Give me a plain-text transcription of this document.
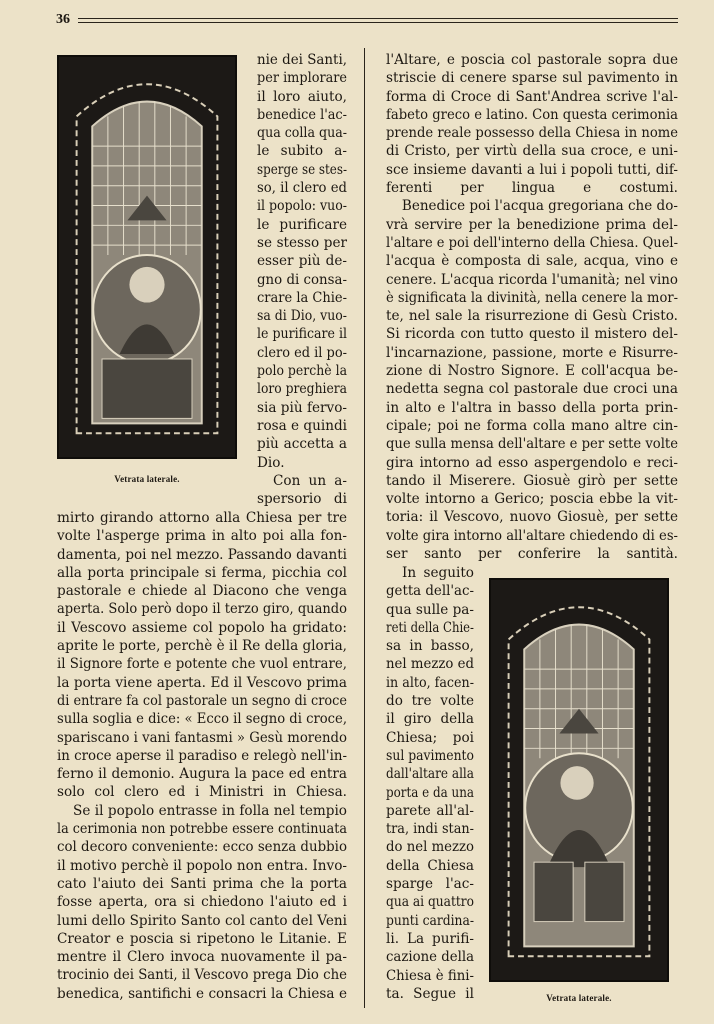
36
Vetrata laterale.
Vetrata laterale.
nie dei Santi,
per implorare
il loro aiuto,
benedice l'ac-
qua colla qua-
le subito a-
sperge se stes-
so, il clero ed
il popolo: vuo-
le purificare
se stesso per
esser più de-
gno di consa-
crare la Chie-
sa di Dio, vuo-
le purificare il
clero ed il po-
polo perchè la
loro preghiera
sia più fervo-
rosa e quindi
più accetta a
Dio.
Con un a-
spersorio di
mirto girando attorno alla Chiesa per tre
volte l'asperge prima in alto poi alla fon-
damenta, poi nel mezzo. Passando davanti
alla porta principale si ferma, picchia col
pastorale e chiede al Diacono che venga
aperta. Solo però dopo il terzo giro, quando
il Vescovo assieme col popolo ha gridato:
aprite le porte, perchè è il Re della gloria,
il Signore forte e potente che vuol entrare,
la porta viene aperta. Ed il Vescovo prima
di entrare fa col pastorale un segno di croce
sulla soglia e dice: « Ecco il segno di croce,
spariscano i vani fantasmi » Gesù morendo
in croce aperse il paradiso e relegò nell'in-
ferno il demonio. Augura la pace ed entra
solo col clero ed i Ministri in Chiesa.
Se il popolo entrasse in folla nel tempio
la cerimonia non potrebbe essere continuata
col decoro conveniente: ecco senza dubbio
il motivo perchè il popolo non entra. Invo-
cato l'aiuto dei Santi prima che la porta
fosse aperta, ora si chiedono l'aiuto ed i
lumi dello Spirito Santo col canto del Veni
Creator e poscia si ripetono le Litanie. E
mentre il Clero invoca nuovamente il pa-
trocinio dei Santi, il Vescovo prega Dio che
benedica, santifichi e consacri la Chiesa e
l'Altare, e poscia col pastorale sopra due
striscie di cenere sparse sul pavimento in
forma di Croce di Sant'Andrea scrive l'al-
fabeto greco e latino. Con questa cerimonia
prende reale possesso della Chiesa in nome
di Cristo, per virtù della sua croce, e uni-
sce insieme davanti a lui i popoli tutti, dif-
ferenti per lingua e costumi.
Benedice poi l'acqua gregoriana che do-
vrà servire per la benedizione prima del-
l'altare e poi dell'interno della Chiesa. Quel-
l'acqua è composta di sale, acqua, vino e
cenere. L'acqua ricorda l'umanità; nel vino
è significata la divinità, nella cenere la mor-
te, nel sale la risurrezione di Gesù Cristo.
Si ricorda con tutto questo il mistero del-
l'incarnazione, passione, morte e Risurre-
zione di Nostro Signore. E coll'acqua be-
nedetta segna col pastorale due croci una
in alto e l'altra in basso della porta prin-
cipale; poi ne forma colla mano altre cin-
que sulla mensa dell'altare e per sette volte
gira intorno ad esso aspergendolo e reci-
tando il Miserere. Giosuè girò per sette
volte intorno a Gerico; poscia ebbe la vit-
toria: il Vescovo, nuovo Giosuè, per sette
volte gira intorno all'altare chiedendo di es-
ser santo per conferire la santità.
In seguito
getta dell'ac-
qua sulle pa-
reti della Chie-
sa in basso,
nel mezzo ed
in alto, facen-
do tre volte
il giro della
Chiesa; poi
sul pavimento
dall'altare alla
porta e da una
parete all'al-
tra, indi stan-
do nel mezzo
della Chiesa
sparge l'ac-
qua ai quattro
punti cardina-
li. La purifi-
cazione della
Chiesa è fini-
ta. Segue il
